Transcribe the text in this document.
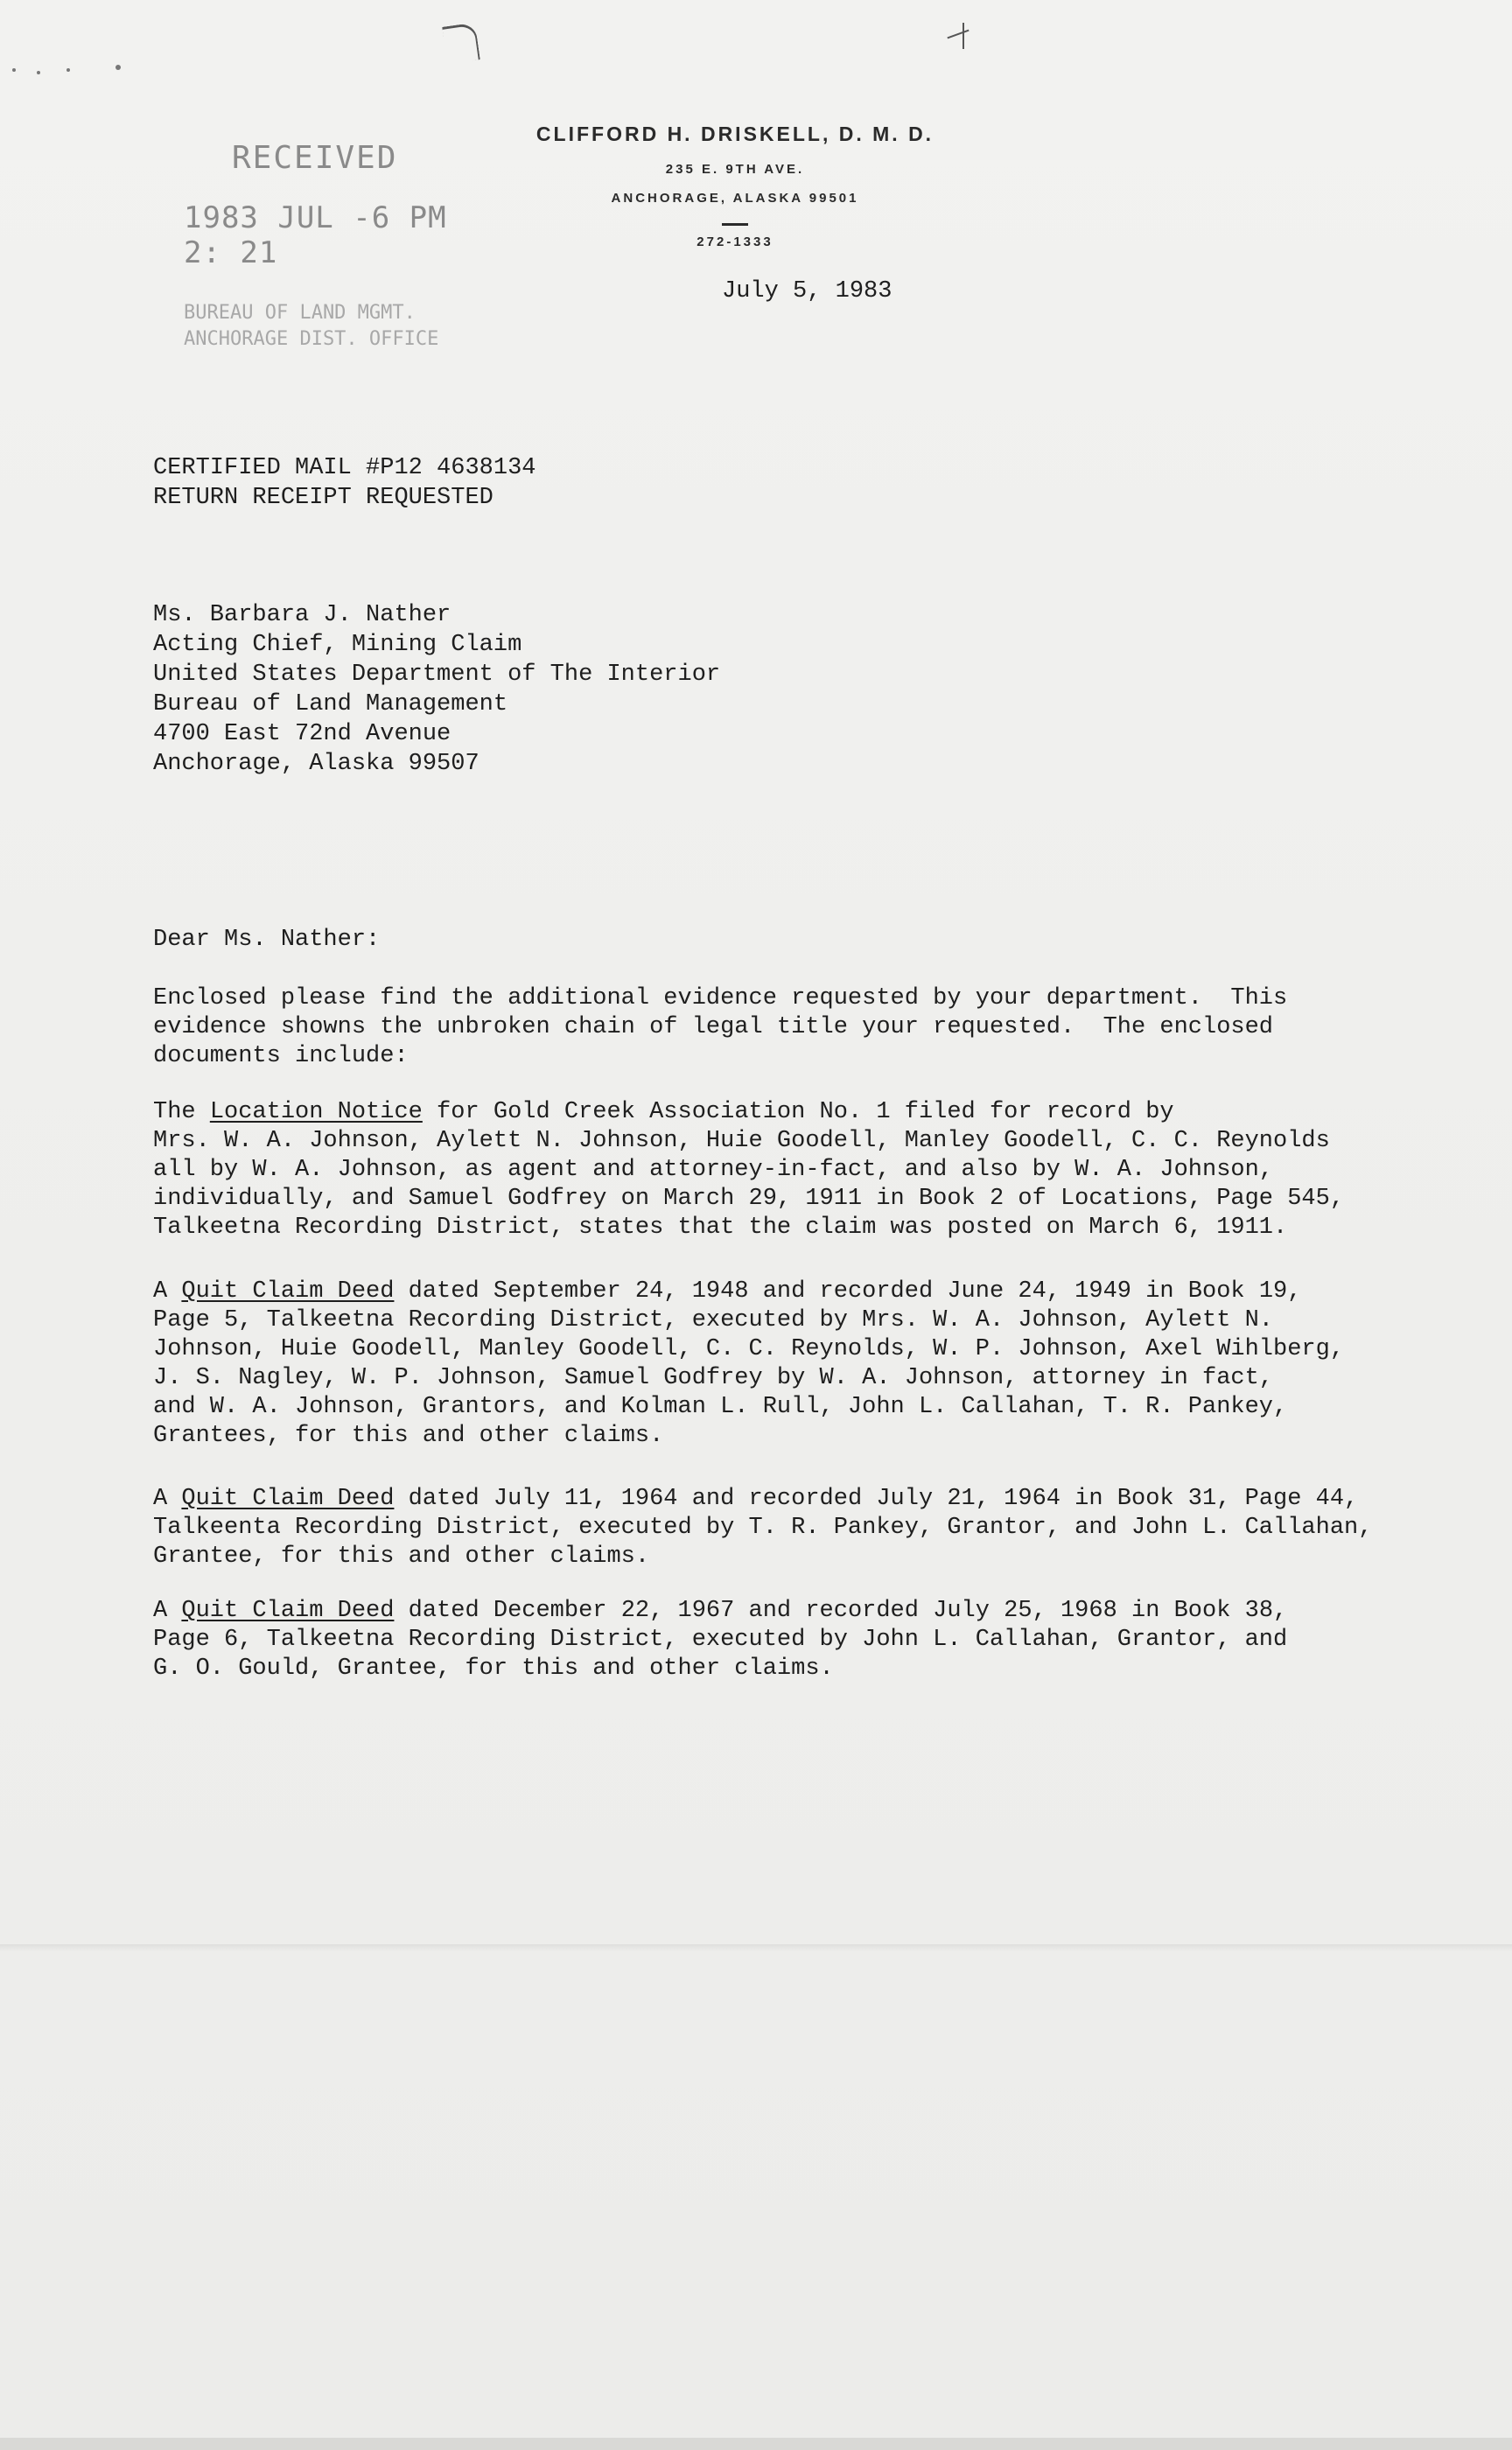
RECEIVED
1983 JUL -6 PM 2: 21
BUREAU OF LAND MGMT.
ANCHORAGE DIST. OFFICE
CLIFFORD H. DRISKELL, D. M. D.
235 E. 9TH AVE.
ANCHORAGE, ALASKA 99501
272-1333
July 5, 1983
CERTIFIED MAIL #P12 4638134
RETURN RECEIPT REQUESTED
Ms. Barbara J. Nather
Acting Chief, Mining Claim
United States Department of The Interior
Bureau of Land Management
4700 East 72nd Avenue
Anchorage, Alaska 99507
Dear Ms. Nather:
Enclosed please find the additional evidence requested by your department.  This
evidence showns the unbroken chain of legal title your requested.  The enclosed
documents include:
The Location Notice for Gold Creek Association No. 1 filed for record by
Mrs. W. A. Johnson, Aylett N. Johnson, Huie Goodell, Manley Goodell, C. C. Reynolds
all by W. A. Johnson, as agent and attorney-in-fact, and also by W. A. Johnson,
individually, and Samuel Godfrey on March 29, 1911 in Book 2 of Locations, Page 545,
Talkeetna Recording District, states that the claim was posted on March 6, 1911.
A Quit Claim Deed dated September 24, 1948 and recorded June 24, 1949 in Book 19,
Page 5, Talkeetna Recording District, executed by Mrs. W. A. Johnson, Aylett N.
Johnson, Huie Goodell, Manley Goodell, C. C. Reynolds, W. P. Johnson, Axel Wihlberg,
J. S. Nagley, W. P. Johnson, Samuel Godfrey by W. A. Johnson, attorney in fact,
and W. A. Johnson, Grantors, and Kolman L. Rull, John L. Callahan, T. R. Pankey,
Grantees, for this and other claims.
A Quit Claim Deed dated July 11, 1964 and recorded July 21, 1964 in Book 31, Page 44,
Talkeenta Recording District, executed by T. R. Pankey, Grantor, and John L. Callahan,
Grantee, for this and other claims.
A Quit Claim Deed dated December 22, 1967 and recorded July 25, 1968 in Book 38,
Page 6, Talkeetna Recording District, executed by John L. Callahan, Grantor, and
G. O. Gould, Grantee, for this and other claims.
